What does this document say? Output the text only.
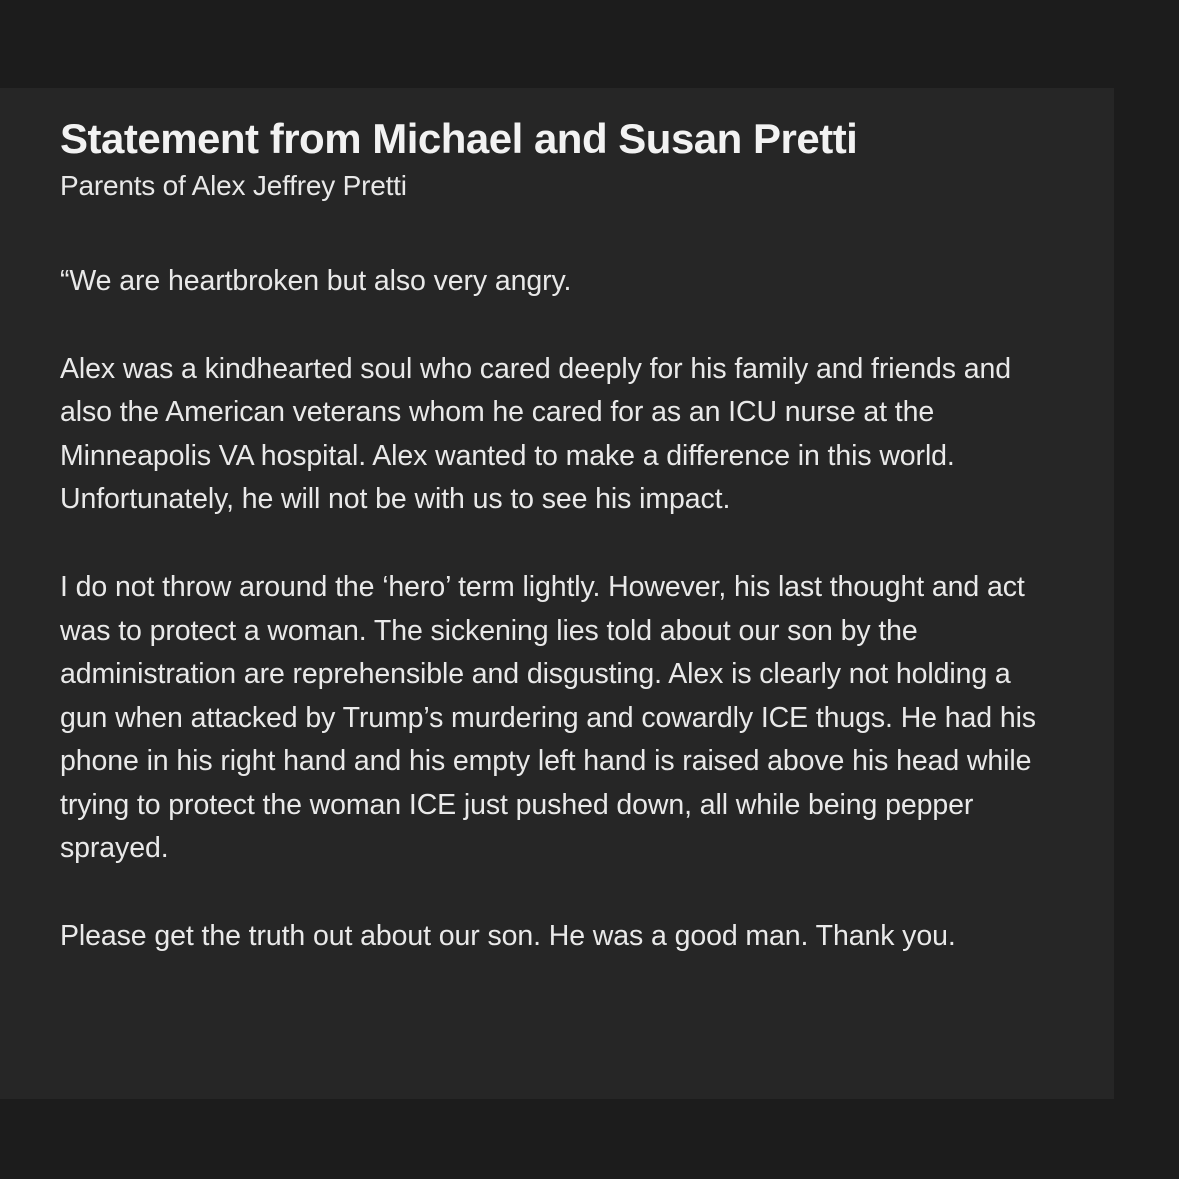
Statement from Michael and Susan Pretti
Parents of Alex Jeffrey Pretti

“We are heartbroken but also very angry.

Alex was a kindhearted soul who cared deeply for his family and friends and also the American veterans whom he cared for as an ICU nurse at the Minneapolis VA hospital. Alex wanted to make a difference in this world. Unfortunately, he will not be with us to see his impact.

I do not throw around the ‘hero’ term lightly. However, his last thought and act was to protect a woman. The sickening lies told about our son by the administration are reprehensible and disgusting. Alex is clearly not holding a gun when attacked by Trump’s murdering and cowardly ICE thugs. He had his phone in his right hand and his empty left hand is raised above his head while trying to protect the woman ICE just pushed down, all while being pepper sprayed.

Please get the truth out about our son. He was a good man. Thank you.
